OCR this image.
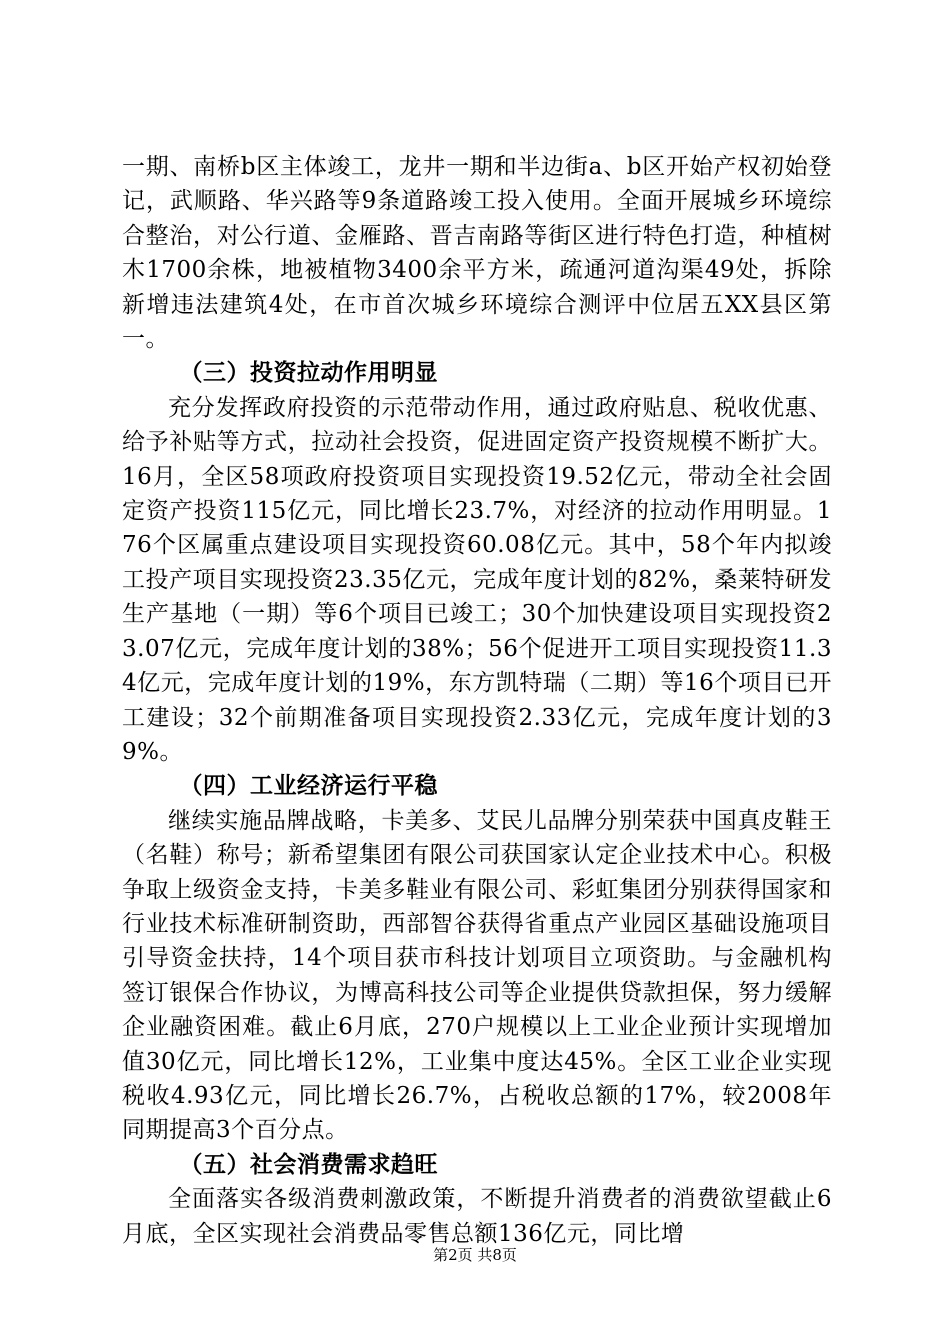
一期、南桥b区主体竣工，龙井一期和半边街a、b区开始产权初始登记，武顺路、华兴路等9条道路竣工投入使用。全面开展城乡环境综合整治，对公行道、金雁路、晋吉南路等街区进行特色打造，种植树木1700余株，地被植物3400余平方米，疏通河道沟渠49处，拆除新增违法建筑4处，在市首次城乡环境综合测评中位居五XX县区第一。

（三）投资拉动作用明显

充分发挥政府投资的示范带动作用，通过政府贴息、税收优惠、给予补贴等方式，拉动社会投资，促进固定资产投资规模不断扩大。16月，全区58项政府投资项目实现投资19.52亿元，带动全社会固定资产投资115亿元，同比增长23.7%，对经济的拉动作用明显。176个区属重点建设项目实现投资60.08亿元。其中，58个年内拟竣工投产项目实现投资23.35亿元，完成年度计划的82%，桑莱特研发生产基地（一期）等6个项目已竣工；30个加快建设项目实现投资23.07亿元，完成年度计划的38%；56个促进开工项目实现投资11.34亿元，完成年度计划的19%，东方凯特瑞（二期）等16个项目已开工建设；32个前期准备项目实现投资2.33亿元，完成年度计划的39%。

（四）工业经济运行平稳

继续实施品牌战略，卡美多、艾民儿品牌分别荣获中国真皮鞋王（名鞋）称号；新希望集团有限公司获国家认定企业技术中心。积极争取上级资金支持，卡美多鞋业有限公司、彩虹集团分别获得国家和行业技术标准研制资助，西部智谷获得省重点产业园区基础设施项目引导资金扶持，14个项目获市科技计划项目立项资助。与金融机构签订银保合作协议，为博高科技公司等企业提供贷款担保，努力缓解企业融资困难。截止6月底，270户规模以上工业企业预计实现增加值30亿元，同比增长12%，工业集中度达45%。全区工业企业实现税收4.93亿元，同比增长26.7%，占税收总额的17%，较2008年同期提高3个百分点。

（五）社会消费需求趋旺

全面落实各级消费刺激政策，不断提升消费者的消费欲望截止6月底，全区实现社会消费品零售总额136亿元，同比增

第2页 共8页
